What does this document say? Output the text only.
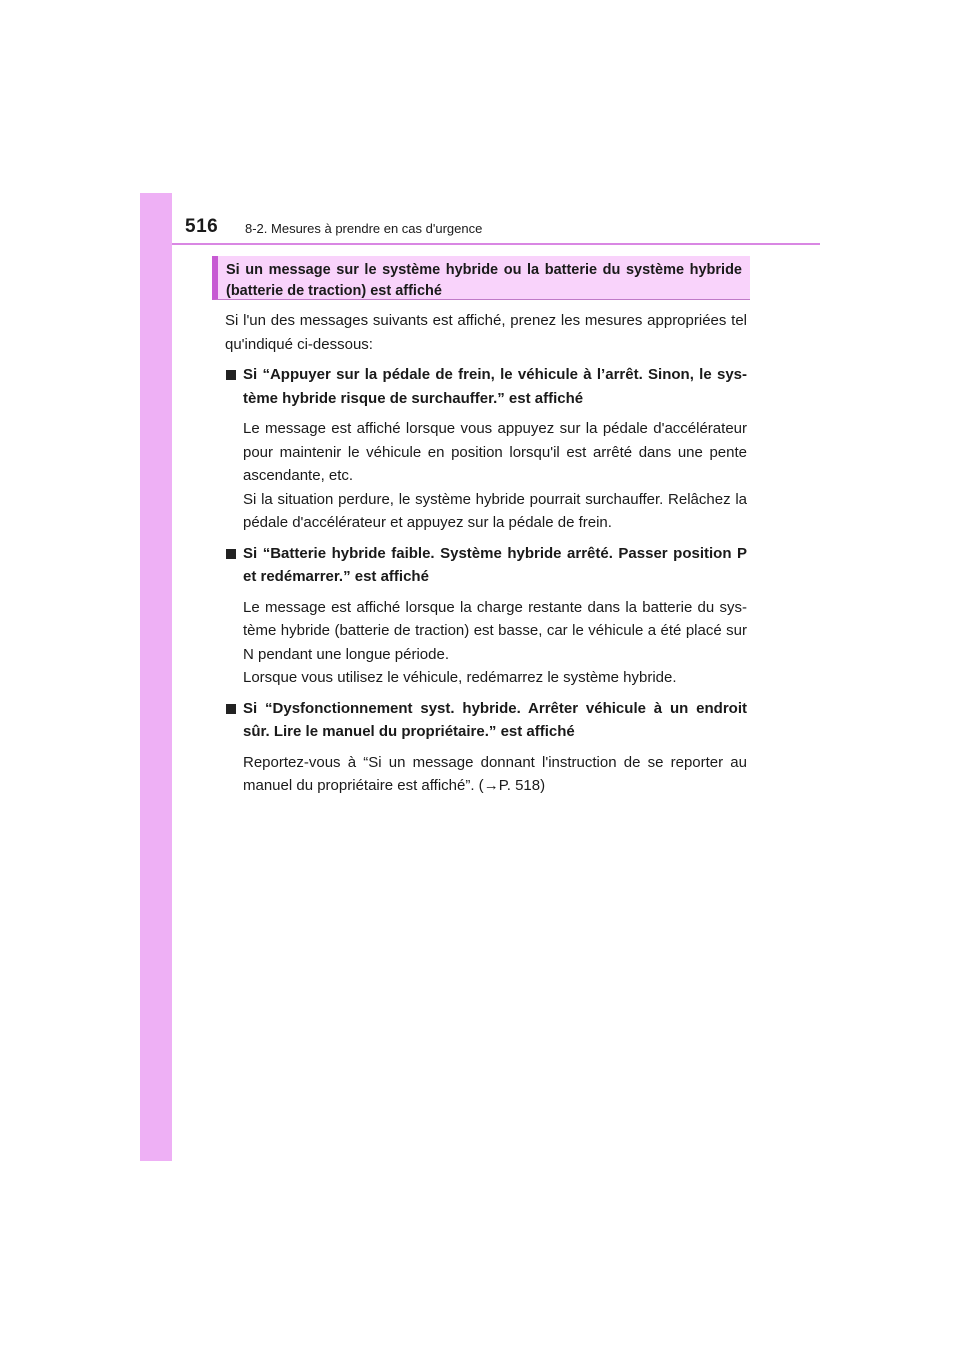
516 8-2. Mesures à prendre en cas d'urgence
Si un message sur le système hybride ou la batterie du système hybride (batterie de traction) est affiché

Si l'un des messages suivants est affiché, prenez les mesures appropriées tel qu'indiqué ci-dessous:

Si “Appuyer sur la pédale de frein, le véhicule à l’arrêt. Sinon, le sys- tème hybride risque de surchauffer.” est affiché

Le message est affiché lorsque vous appuyez sur la pédale d'accélérateur pour maintenir le véhicule en position lorsqu'il est arrêté dans une pente ascendante, etc.

Si la situation perdure, le système hybride pourrait surchauffer. Relâchez la pédale d'accélérateur et appuyez sur la pédale de frein.

Si “Batterie hybride faible. Système hybride arrêté. Passer position P et redémarrer.” est affiché

Le message est affiché lorsque la charge restante dans la batterie du sys-tème hybride (batterie de traction) est basse, car le véhicule a été placé sur N pendant une longue période.

Lorsque vous utilisez le véhicule, redémarrez le système hybride.

Si “Dysfonctionnement syst. hybride. Arrêter véhicule à un endroit sûr. Lire le manuel du propriétaire.” est affiché

Reportez-vous à “Si un message donnant l'instruction de se reporter au manuel du propriétaire est affiché”. (→P. 518)
